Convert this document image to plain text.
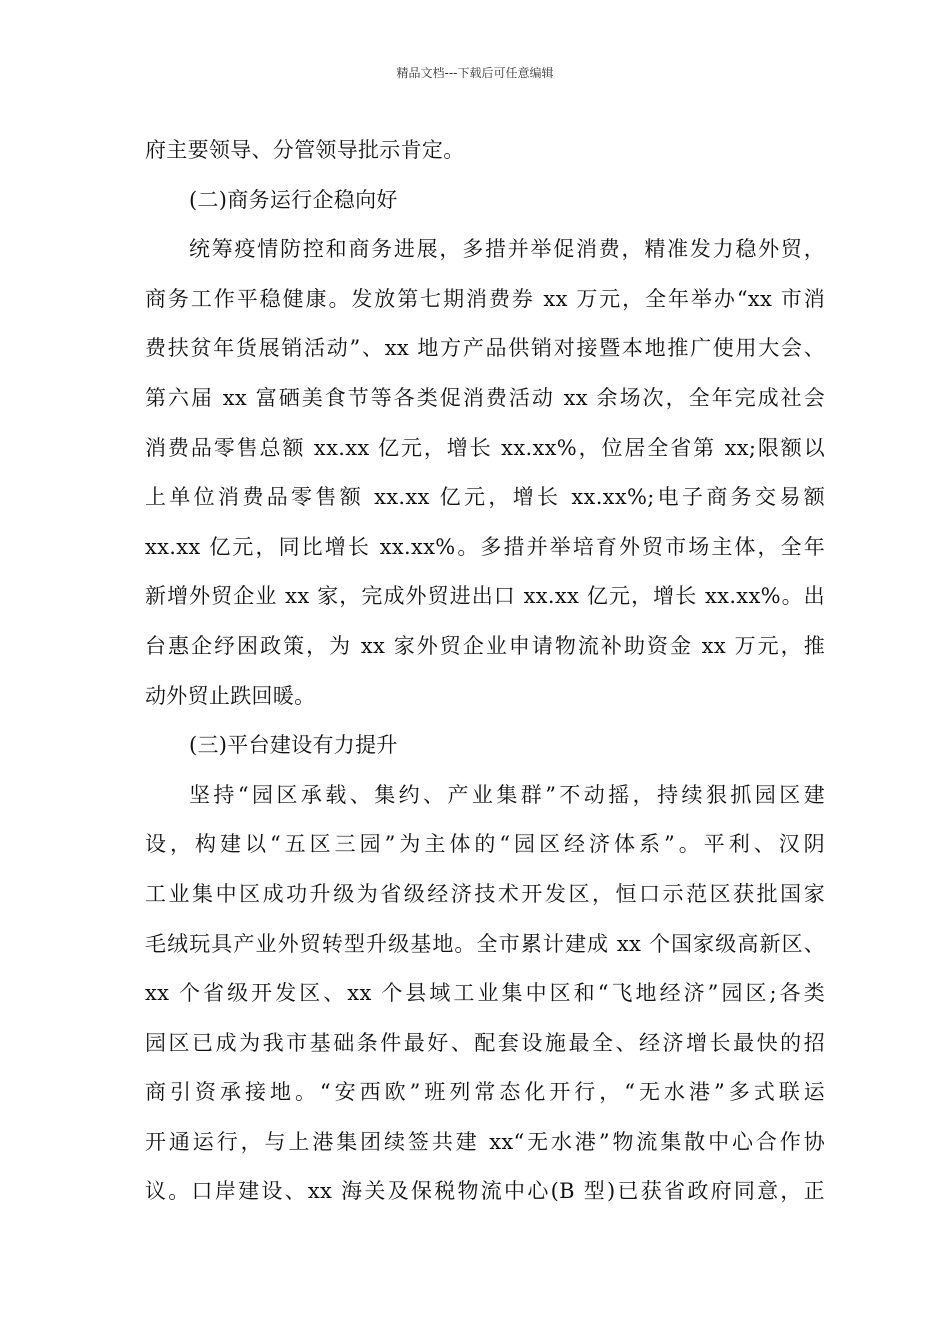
精品文档---下载后可任意编辑
府主要领导、分管领导批示肯定。
(二)商务运行企稳向好
统筹疫情防控和商务进展，多措并举促消费，精准发力稳外贸，
商务工作平稳健康。发放第七期消费券 xx 万元，全年举办“xx 市消
费扶贫年货展销活动”、xx 地方产品供销对接暨本地推广使用大会、
第六届 xx 富硒美食节等各类促消费活动 xx 余场次，全年完成社会
消费品零售总额 xx.xx 亿元，增长 xx.xx%，位居全省第 xx;限额以
上单位消费品零售额 xx.xx 亿元，增长 xx.xx%;电子商务交易额
xx.xx 亿元，同比增长 xx.xx%。多措并举培育外贸市场主体，全年
新增外贸企业 xx 家，完成外贸进出口 xx.xx 亿元，增长 xx.xx%。出
台惠企纾困政策，为 xx 家外贸企业申请物流补助资金 xx 万元，推
动外贸止跌回暖。
(三)平台建设有力提升
坚持“园区承载、集约、产业集群”不动摇，持续狠抓园区建
设，构建以“五区三园”为主体的“园区经济体系”。平利、汉阴
工业集中区成功升级为省级经济技术开发区，恒口示范区获批国家
毛绒玩具产业外贸转型升级基地。全市累计建成 xx 个国家级高新区、
xx 个省级开发区、xx 个县域工业集中区和“飞地经济”园区;各类
园区已成为我市基础条件最好、配套设施最全、经济增长最快的招
商引资承接地。“安西欧”班列常态化开行，“无水港”多式联运
开通运行，与上港集团续签共建 xx“无水港”物流集散中心合作协
议。口岸建设、xx 海关及保税物流中心(B 型)已获省政府同意，正
